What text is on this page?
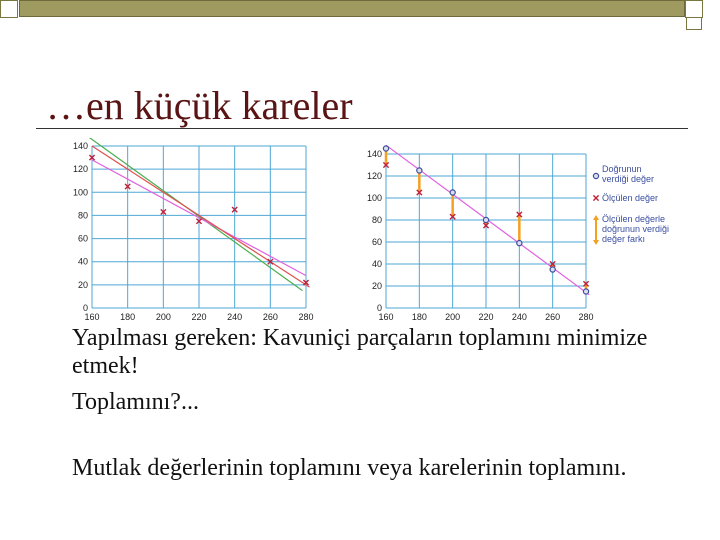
…en küçük kareler
160 180 200 220 240 260 280
0
20
40
60
80
100
120
140
160 180 200 220 240 260 280
0
20
40
60
80
100
120
140
Doğrunun verdiği değer
Ölçülen değer
Ölçülen değerle doğrunun verdiği değer farkı
Yapılması gereken: Kavuniçi parçaların toplamını minimize etmek!
Toplamını?...
Mutlak değerlerinin toplamını veya karelerinin toplamını.
